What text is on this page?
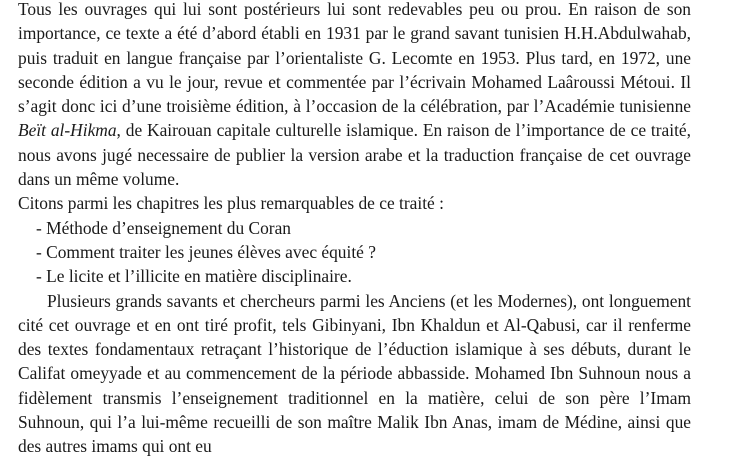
Tous les ouvrages qui lui sont postérieurs lui sont redevables peu ou prou. En raison de son importance, ce texte a été d’abord établi en 1931 par le grand savant tunisien H.H.Abdulwahab, puis traduit en langue française par l’orientaliste G. Lecomte en 1953. Plus tard, en 1972, une seconde édition a vu le jour, revue et commentée par l’écrivain Mohamed Laâroussi Métoui. Il s’agit donc ici d’une troisième édition, à l’occasion de la célébration, par l’Académie tunisienne Beït al-Hikma, de Kairouan capitale culturelle islamique. En raison de l’importance de ce traité, nous avons jugé necessaire de publier la version arabe et la traduction française de cet ouvrage dans un même volume.

Citons parmi les chapitres les plus remarquables de ce traité :

- Méthode d’enseignement du Coran
- Comment traiter les jeunes élèves avec équité ?
- Le licite et l’illicite en matière disciplinaire.

Plusieurs grands savants et chercheurs parmi les Anciens (et les Modernes), ont longuement cité cet ouvrage et en ont tiré profit, tels Gibinyani, Ibn Khaldun et Al-Qabusi, car il renferme des textes fondamentaux retraçant l’historique de l’éduction islamique à ses débuts, durant le Califat omeyyade et au commencement de la période abbasside. Mohamed Ibn Suhnoun nous a fidèlement transmis l’enseignement traditionnel en la matière, celui de son père l’Imam Suhnoun, qui l’a lui-même recueilli de son maître Malik Ibn Anas, imam de Médine, ainsi que des autres imams qui ont eu
